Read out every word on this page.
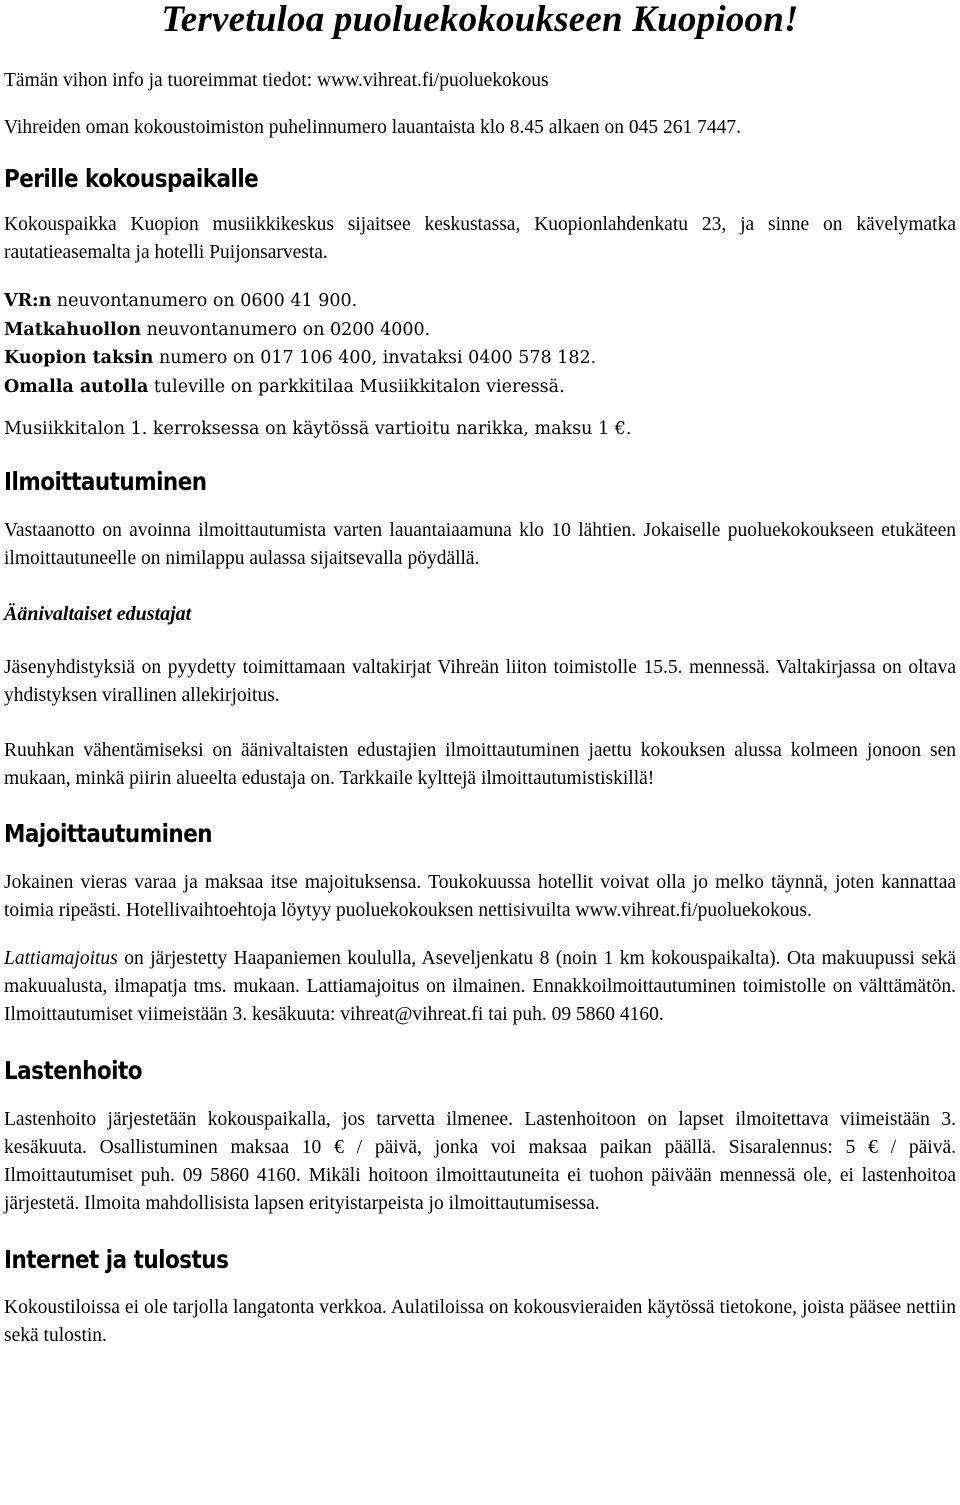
Tervetuloa puoluekokoukseen Kuopioon!

Tämän vihon info ja tuoreimmat tiedot: www.vihreat.fi/puoluekokous

Vihreiden oman kokoustoimiston puhelinnumero lauantaista klo 8.45 alkaen on 045 261 7447.

Perille kokouspaikalle

Kokouspaikka Kuopion musiikkikeskus sijaitsee keskustassa, Kuopionlahdenkatu 23, ja sinne on kävelymatka rautatieasemalta ja hotelli Puijonsarvesta.

VR:n neuvontanumero on 0600 41 900.
Matkahuollon neuvontanumero on 0200 4000.
Kuopion taksin numero on 017 106 400, invataksi 0400 578 182.
Omalla autolla tuleville on parkkitilaa Musiikkitalon vieressä.
Musiikkitalon 1. kerroksessa on käytössä vartioitu narikka, maksu 1 €.
Ilmoittautuminen

Vastaanotto on avoinna ilmoittautumista varten lauantaiaamuna klo 10 lähtien. Jokaiselle puoluekokoukseen etukäteen ilmoittautuneelle on nimilappu aulassa sijaitsevalla pöydällä.

Äänivaltaiset edustajat

Jäsenyhdistyksiä on pyydetty toimittamaan valtakirjat Vihreän liiton toimistolle 15.5. mennessä. Valtakirjassa on oltava yhdistyksen virallinen allekirjoitus.

Ruuhkan vähentämiseksi on äänivaltaisten edustajien ilmoittautuminen jaettu kokouksen alussa kolmeen jonoon sen mukaan, minkä piirin alueelta edustaja on. Tarkkaile kylttejä ilmoittautumistiskillä!

Majoittautuminen

Jokainen vieras varaa ja maksaa itse majoituksensa. Toukokuussa hotellit voivat olla jo melko täynnä, joten kannattaa toimia ripeästi. Hotellivaihtoehtoja löytyy puoluekokouksen nettisivuilta www.vihreat.fi/puoluekokous.

Lattiamajoitus on järjestetty Haapaniemen koululla, Aseveljenkatu 8 (noin 1 km kokouspaikalta). Ota makuupussi sekä makuualusta, ilmapatja tms. mukaan. Lattiamajoitus on ilmainen. Ennakkoilmoittautuminen toimistolle on välttämätön. Ilmoittautumiset viimeistään 3. kesäkuuta: vihreat@vihreat.fi tai puh. 09 5860 4160.

Lastenhoito

Lastenhoito järjestetään kokouspaikalla, jos tarvetta ilmenee. Lastenhoitoon on lapset ilmoitettava viimeistään 3. kesäkuuta. Osallistuminen maksaa 10 € / päivä, jonka voi maksaa paikan päällä. Sisaralennus: 5 € / päivä. Ilmoittautumiset puh. 09 5860 4160. Mikäli hoitoon ilmoittautuneita ei tuohon päivään mennessä ole, ei lastenhoitoa järjestetä. Ilmoita mahdollisista lapsen erityistarpeista jo ilmoittautumisessa.

Internet ja tulostus

Kokoustiloissa ei ole tarjolla langatonta verkkoa. Aulatiloissa on kokousvieraiden käytössä tietokone, joista pääsee nettiin sekä tulostin.
